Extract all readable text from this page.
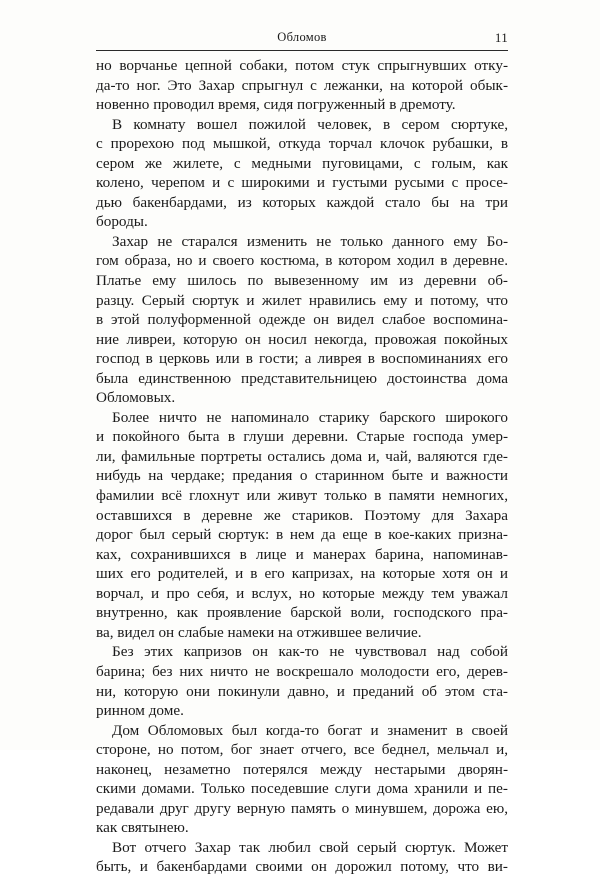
Обломов	11
но ворчанье цепной собаки, потом стук спрыгнувших отку-
да-то ног. Это Захар спрыгнул с лежанки, на которой обык-
новенно проводил время, сидя погруженный в дремоту.
В комнату вошел пожилой человек, в сером сюртуке,
с прорехою под мышкой, откуда торчал клочок рубашки, в
сером же жилете, с медными пуговицами, с голым, как
колено, черепом и с широкими и густыми русыми с просе-
дью бакенбардами, из которых каждой стало бы на три
бороды.
Захар не старался изменить не только данного ему Бо-
гом образа, но и своего костюма, в котором ходил в деревне.
Платье ему шилось по вывезенному им из деревни об-
разцу. Серый сюртук и жилет нравились ему и потому, что
в этой полуформенной одежде он видел слабое воспомина-
ние ливреи, которую он носил некогда, провожая покойных
господ в церковь или в гости; а ливрея в воспоминаниях его
была единственною представительницею достоинства дома
Обломовых.
Более ничто не напоминало старику барского широкого
и покойного быта в глуши деревни. Старые господа умер-
ли, фамильные портреты остались дома и, чай, валяются где-
нибудь на чердаке; предания о старинном быте и важности
фамилии всё глохнут или живут только в памяти немногих,
оставшихся в деревне же стариков. Поэтому для Захара
дорог был серый сюртук: в нем да еще в кое-каких призна-
ках, сохранившихся в лице и манерах барина, напоминав-
ших его родителей, и в его капризах, на которые хотя он и
ворчал, и про себя, и вслух, но которые между тем уважал
внутренно, как проявление барской воли, господского пра-
ва, видел он слабые намеки на отжившее величие.
Без этих капризов он как-то не чувствовал над собой
барина; без них ничто не воскрешало молодости его, дерев-
ни, которую они покинули давно, и преданий об этом ста-
ринном доме.
Дом Обломовых был когда-то богат и знаменит в своей
стороне, но потом, бог знает отчего, все беднел, мельчал и,
наконец, незаметно потерялся между нестарыми дворян-
скими домами. Только поседевшие слуги дома хранили и пе-
редавали друг другу верную память о минувшем, дорожа ею,
как святынею.
Вот отчего Захар так любил свой серый сюртук. Может
быть, и бакенбардами своими он дорожил потому, что ви-
